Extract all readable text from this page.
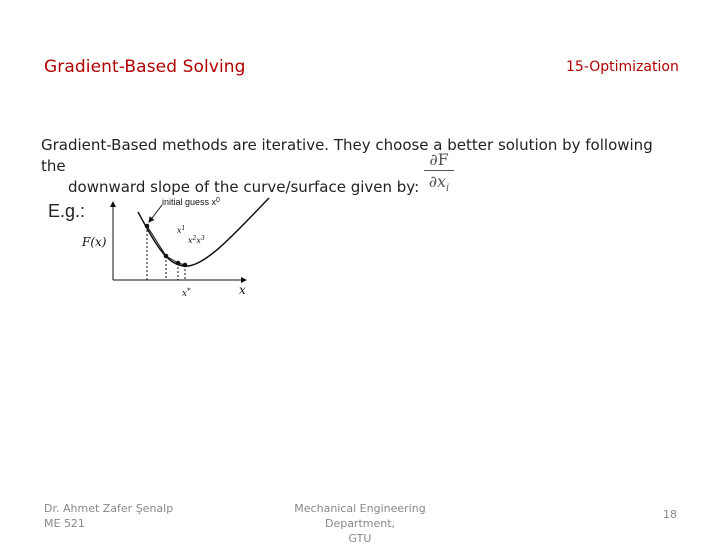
Gradient-Based Solving	15-Optimization
Gradient-Based methods are iterative. They choose a better solution by following the
downward slope of the curve/surface given by:
∂F
$\partial x_i$
E.g.:	initial guess $x^0$
F(x)
$x^1$
$x^2x^3$
x*	x
Dr. Ahmet Zafer Şenalp
ME 521
Mechanical Engineering Department,
GTU
18
